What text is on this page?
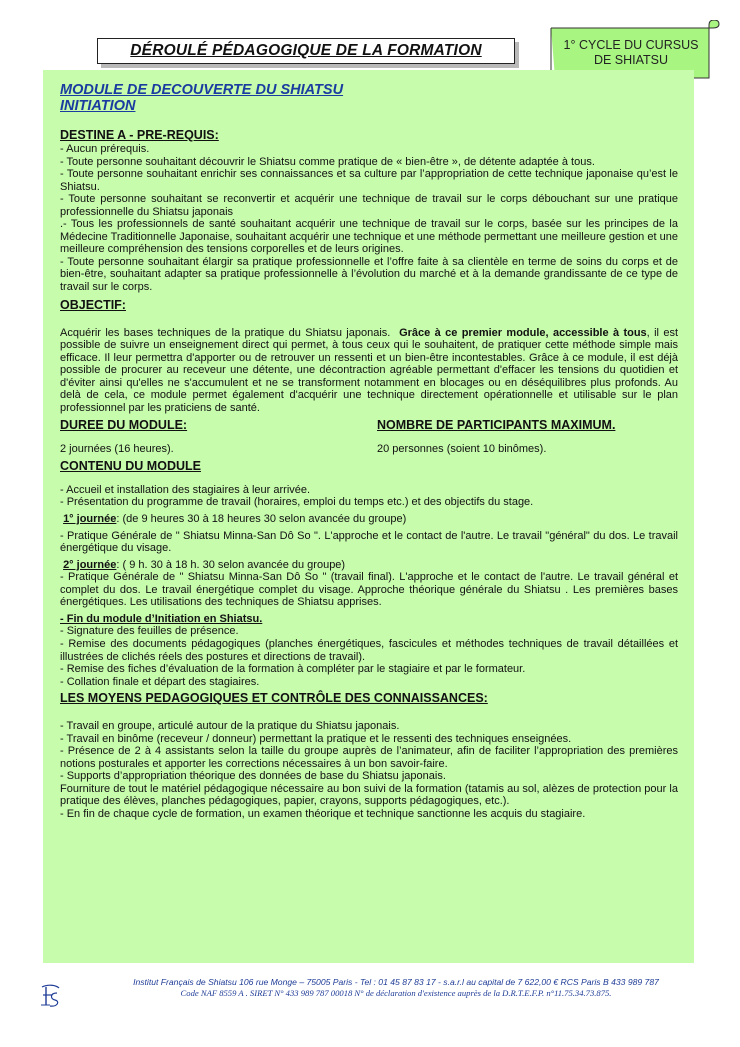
DÉROULÉ PÉDAGOGIQUE DE LA FORMATION	1° CYCLE DU CURSUS
DE SHIATSU
MODULE DE DECOUVERTE DU SHIATSU
INITIATION
DESTINE A - PRE-REQUIS:

- Aucun prérequis.

- Toute personne souhaitant découvrir le Shiatsu comme pratique de « bien-être », de détente adaptée à tous.

- Toute personne souhaitant enrichir ses connaissances et sa culture par l’appropriation de cette technique japonaise qu’est le Shiatsu.

- Toute personne souhaitant se reconvertir et acquérir une technique de travail sur le corps débouchant sur une pratique professionnelle du Shiatsu japonais

.- Tous les professionnels de santé souhaitant acquérir une technique de travail sur le corps, basée sur les principes de la Médecine Traditionnelle Japonaise, souhaitant acquérir une technique et une méthode permettant une meilleure gestion et une meilleure compréhension des tensions corporelles et de leurs origines.

- Toute personne souhaitant élargir sa pratique professionnelle et l’offre faite à sa clientèle en terme de soins du corps et de bien-être, souhaitant adapter sa pratique professionnelle à l’évolution du marché et à la demande grandissante de ce type de travail sur le corps.

OBJECTIF:

Acquérir les bases techniques de la pratique du Shiatsu japonais. Grâce à ce premier module, accessible à tous, il est possible de suivre un enseignement direct qui permet, à tous ceux qui le souhaitent, de pratiquer cette méthode simple mais efficace. Il leur permettra d'apporter ou de retrouver un ressenti et un bien-être incontestables. Grâce à ce module, il est déjà possible de procurer au receveur une détente, une décontraction agréable permettant d'effacer les tensions du quotidien et d'éviter ainsi qu'elles ne s'accumulent et ne se transforment notamment en blocages ou en déséquilibres plus profonds. Au delà de cela, ce module permet également d'acquérir une technique directement opérationnelle et utilisable sur le plan professionnel par les praticiens de santé.

DUREE DU MODULE:

2 journées (16 heures).

NOMBRE DE PARTICIPANTS MAXIMUM.

20 personnes (soient 10 binômes).

CONTENU DU MODULE

- Accueil et installation des stagiaires à leur arrivée.

- Présentation du programme de travail (horaires, emploi du temps etc.) et des objectifs du stage.

1° journée: (de 9 heures 30 à 18 heures 30 selon avancée du groupe)

- Pratique Générale de " Shiatsu Minna-San Dô So ". L'approche et le contact de l'autre. Le travail "général" du dos. Le travail énergétique du visage.

2° journée: ( 9 h. 30 à 18 h. 30 selon avancée du groupe)

- Pratique Générale de " Shiatsu Minna-San Dô So " (travail final). L'approche et le contact de l'autre. Le travail général et complet du dos. Le travail énergétique complet du visage. Approche théorique générale du Shiatsu . Les premières bases énergétiques. Les utilisations des techniques de Shiatsu apprises.

- Fin du module d’Initiation en Shiatsu.

- Signature des feuilles de présence.

- Remise des documents pédagogiques (planches énergétiques, fascicules et méthodes techniques de travail détaillées et illustrées de clichés réels des postures et directions de travail).

- Remise des fiches d’évaluation de la formation à compléter par le stagiaire et par le formateur.

- Collation finale et départ des stagiaires.

LES MOYENS PEDAGOGIQUES ET CONTRÔLE DES CONNAISSANCES:

- Travail en groupe, articulé autour de la pratique du Shiatsu japonais.

- Travail en binôme (receveur / donneur) permettant la pratique et le ressenti des techniques enseignées.

- Présence de 2 à 4 assistants selon la taille du groupe auprès de l’animateur, afin de faciliter l’appropriation des premières notions posturales et apporter les corrections nécessaires à un bon savoir-faire.

- Supports d’appropriation théorique des données de base du Shiatsu japonais.

Fourniture de tout le matériel pédagogique nécessaire au bon suivi de la formation (tatamis au sol, alèzes de protection pour la pratique des élèves, planches pédagogiques, papier, crayons, supports pédagogiques, etc.).

- En fin de chaque cycle de formation, un examen théorique et technique sanctionne les acquis du stagiaire.

Institut Français de Shiatsu 106 rue Monge – 75005 Paris - Tel : 01 45 87 83 17 - s.a.r.l au capital de 7 622,00 € RCS Paris B 433 989 787
Code NAF 8559 A . SIRET N° 433 989 787 00018 N° de déclaration d'existence auprès de la D.R.T.E.F.P. n°11.75.34.73.875.
